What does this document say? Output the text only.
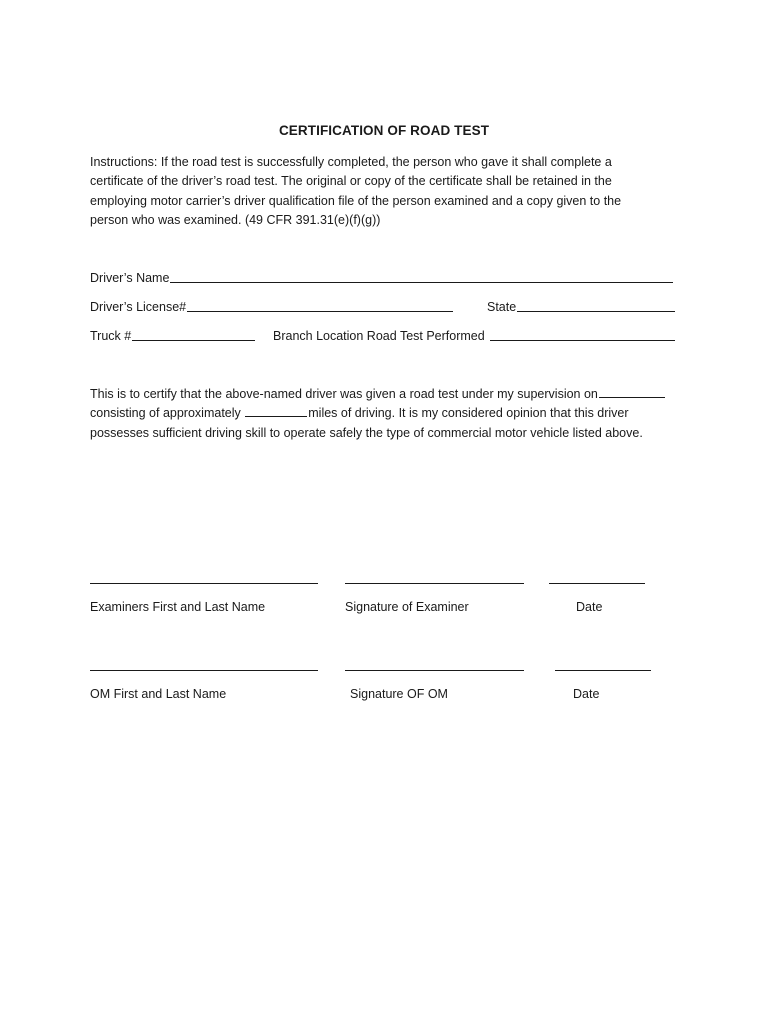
CERTIFICATION OF ROAD TEST
Instructions: If the road test is successfully completed, the person who gave it shall complete a
certificate of the driver’s road test. The original or copy of the certificate shall be retained in the
employing motor carrier’s driver qualification file of the person examined and a copy given to the
person who was examined. (49 CFR 391.31(e)(f)(g))
Driver’s Name
Driver’s License#	State
Truck #	Branch Location Road Test Performed
This is to certify that the above-named driver was given a road test under my supervision on
consisting of approximately	miles of driving. It is my considered opinion that this driver
possesses sufficient driving skill to operate safely the type of commercial motor vehicle listed above.
Examiners First and Last Name	Signature of Examiner	Date
OM First and Last Name	Signature OF OM	Date
